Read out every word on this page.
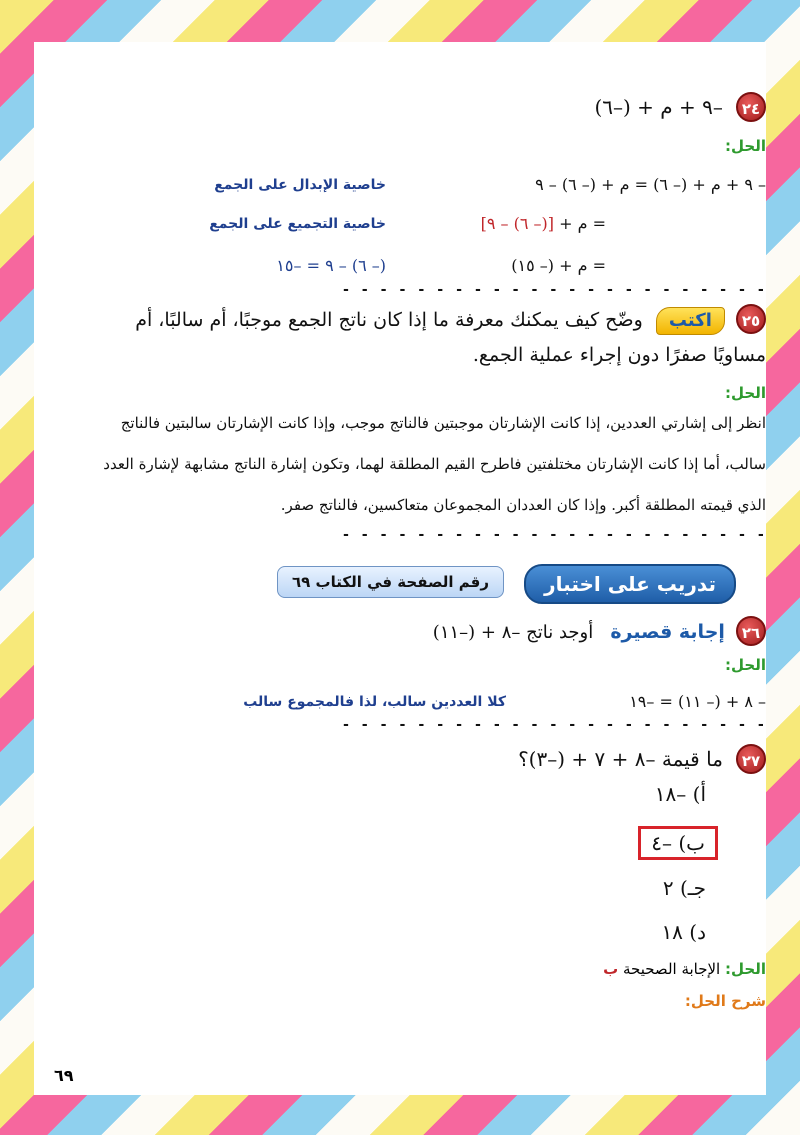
٢٤ –٩ + م + (–٦)
الحل:
– ٩ + م + (– ٦) = م + (– ٦) – ٩
خاصية الإبدال على الجمع
= م + [(– ٦) – ٩]
خاصية التجميع على الجمع
= م + (– ١٥)
(– ٦) – ٩ = –١٥
- - - - - - - - - - - - - - - - - - - - - - -
٢٥ اكتب وضّح كيف يمكنك معرفة ما إذا كان ناتج الجمع موجبًا، أم سالبًا، أم
مساويًا صفرًا دون إجراء عملية الجمع.
الحل:
انظر إلى إشارتي العددين، إذا كانت الإشارتان موجبتين فالناتج موجب، وإذا كانت الإشارتان سالبتين فالناتج
سالب، أما إذا كانت الإشارتان مختلفتين فاطرح القيم المطلقة لهما، وتكون إشارة الناتج مشابهة لإشارة العدد
الذي قيمته المطلقة أكبر. وإذا كان العددان المجموعان متعاكسين، فالناتج صفر.
- - - - - - - - - - - - - - - - - - - - - - -
تدريب على اختبار
رقم الصفحة في الكتاب ٦٩
٢٦ إجابة قصيرة أوجد ناتج –٨ + (–١١)
الحل:
– ٨ + (– ١١) = –١٩
كلا العددين سالب، لذا فالمجموع سالب
- - - - - - - - - - - - - - - - - - - - - - -
٢٧ ما قيمة –٨ + ٧ + (–٣)؟
أ) –١٨
ب) –٤
جـ) ٢
د) ١٨
الحل: الإجابة الصحيحة ب
شرح الحل:
٦٩
